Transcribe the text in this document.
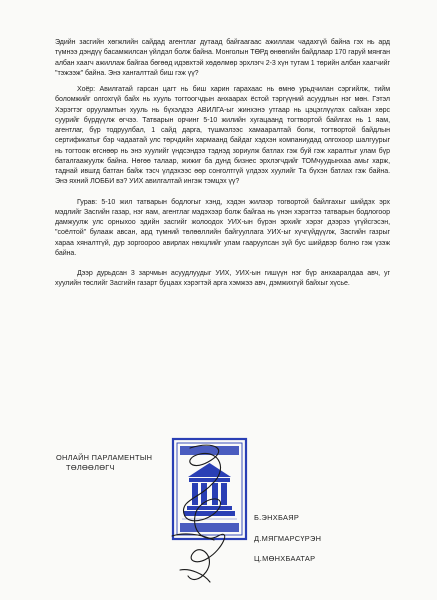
Эдийн засгийн хөгжлийн сайдад агентлаг дутаад байгаагаас ажиллаж чадахгүй байна гэх нь ард түмнээ дэндүү басамжилсан үйлдэл болж байна. Монголын ТӨРд өнөөгийн байдлаар 170 гаруй мянган албан хаагч ажиллаж байгаа бөгөөд идэвхтэй хөдөлмөр эрхлэгч 2-3 хүн тутам 1 төрийн албан хаагчийг "тэжээж" байна. Энэ хангалттай биш гэж үү?

Хоёр: Авилгатай гарсан цагт нь биш харин гарахаас нь өмнө урьдчилан сэргийлж, тийм боломжийг олгохгүй байх нь хууль тогтоогчдын анхаарах ёстой тэргүүний асуудлын нэг мөн. Гэтэл Хэрэгтэг орууламтын хууль нь бүхэлдээ АВИЛГА-ыг жинхэнэ утгаар нь цэцэглүүлэх сайхан хөрс суурийг бүрдүүлж өгчээ. Татварын орчинг 5-10 жилийн хугацаанд тогтвортой байлгах нь 1 яам, агентлаг, бүр тодруулбал, 1 сайд дарга, түшмэлээс хамааралтай болж, тогтвортой байдлын сертификатыг бэр чадаатай улс төрчдийн хармаанд байдаг хэдхэн компаниудад олгохоор шалгуурыг нь тогтоож өгснөөр нь энэ хуулийг үндсэндээ тэднэд зориулж батлах гэж буй гэж харалтыг улам бүр баталгаажуулж байна. Нөгөө талаар, жижиг ба дунд бизнес эрхлэгчдийг ТОМчуудынхаа амьг харж, таднай ившгд батган байж тэсч үлдэхээс өөр сонголтгүй үлдээх хуулийг Та бүхэн батлах гэж байна. Энэ яхний ЛОББИ вэ? УИХ авилгалтай ингэж тэмцэх үү?

Гурав: 5-10 жил татварын бодлогыг хэнд, хэдэн жилээр тогвортой байлгахыг шийдэх эрх мэдлийг Засгийн газар, нэг яам, агентлаг мэдэхээр болж байгаа нь үнэн хэрэгтээ татварын бодлогоор дамжуулж улс орныхоо эдийн засгийг жолоодох УИХ-ын бүрэн эрхийг хэрэг дээрээ үгүйсгэсэн, "соёлтой" булааж авсан, ард түмний төлөөллийн байгууллага УИХ-ыг хүчгүйдүүлж, Засгийн газрыг хараа хяналтгүй, дур зоргоороо авирлах нөхцлийг улам гааруулсан зүй бус шийдвэр болно гэж үзэж байна.

Дээр дурьдсан 3 зарчмын асуудлуудыг УИХ, УИХ-ын гишүүн нэг бүр анхааралдаа авч, уг хуулийн төслийг Засгийн газарт буцаах хэрэгтэй арга хэмжээ авч, дэмжихгүй байхыг хүсье.

ОНЛАЙН ПАРЛАМЕНТЫН
ТӨЛӨӨЛӨГЧ
Б.ЭНХБАЯР
Д.МЯГМАРСҮРЭН
Ц.МӨНХБААТАР
